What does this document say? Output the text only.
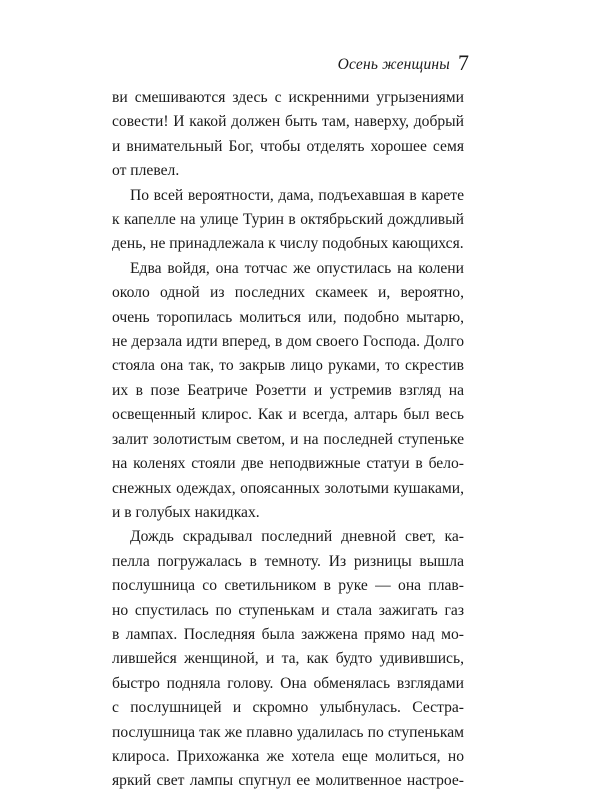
Осень женщины 7
ви смешиваются здесь с искренними угрызениями
совести! И какой должен быть там, наверху, добрый
и внимательный Бог, чтобы отделять хорошее семя
от плевел.
По всей вероятности, дама, подъехавшая в карете
к капелле на улице Турин в октябрьский дождливый
день, не принадлежала к числу подобных кающихся.
Едва войдя, она тотчас же опустилась на колени
около одной из последних скамеек и, вероятно,
очень торопилась молиться или, подобно мытарю,
не дерзала идти вперед, в дом своего Господа. Долго
стояла она так, то закрыв лицо руками, то скрестив
их в позе Беатриче Розетти и устремив взгляд на
освещенный клирос. Как и всегда, алтарь был весь
залит золотистым светом, и на последней ступеньке
на коленях стояли две неподвижные статуи в бело-
снежных одеждах, опоясанных золотыми кушаками,
и в голубых накидках.
Дождь скрадывал последний дневной свет, ка-
пелла погружалась в темноту. Из ризницы вышла
послушница со светильником в руке — она плав-
но спустилась по ступенькам и стала зажигать газ
в лампах. Последняя была зажжена прямо над мо-
лившейся женщиной, и та, как будто удивившись,
быстро подняла голову. Она обменялась взглядами
с послушницей и скромно улыбнулась. Сестра-
послушница так же плавно удалилась по ступенькам
клироса. Прихожанка же хотела еще молиться, но
яркий свет лампы спугнул ее молитвенное настрое-
